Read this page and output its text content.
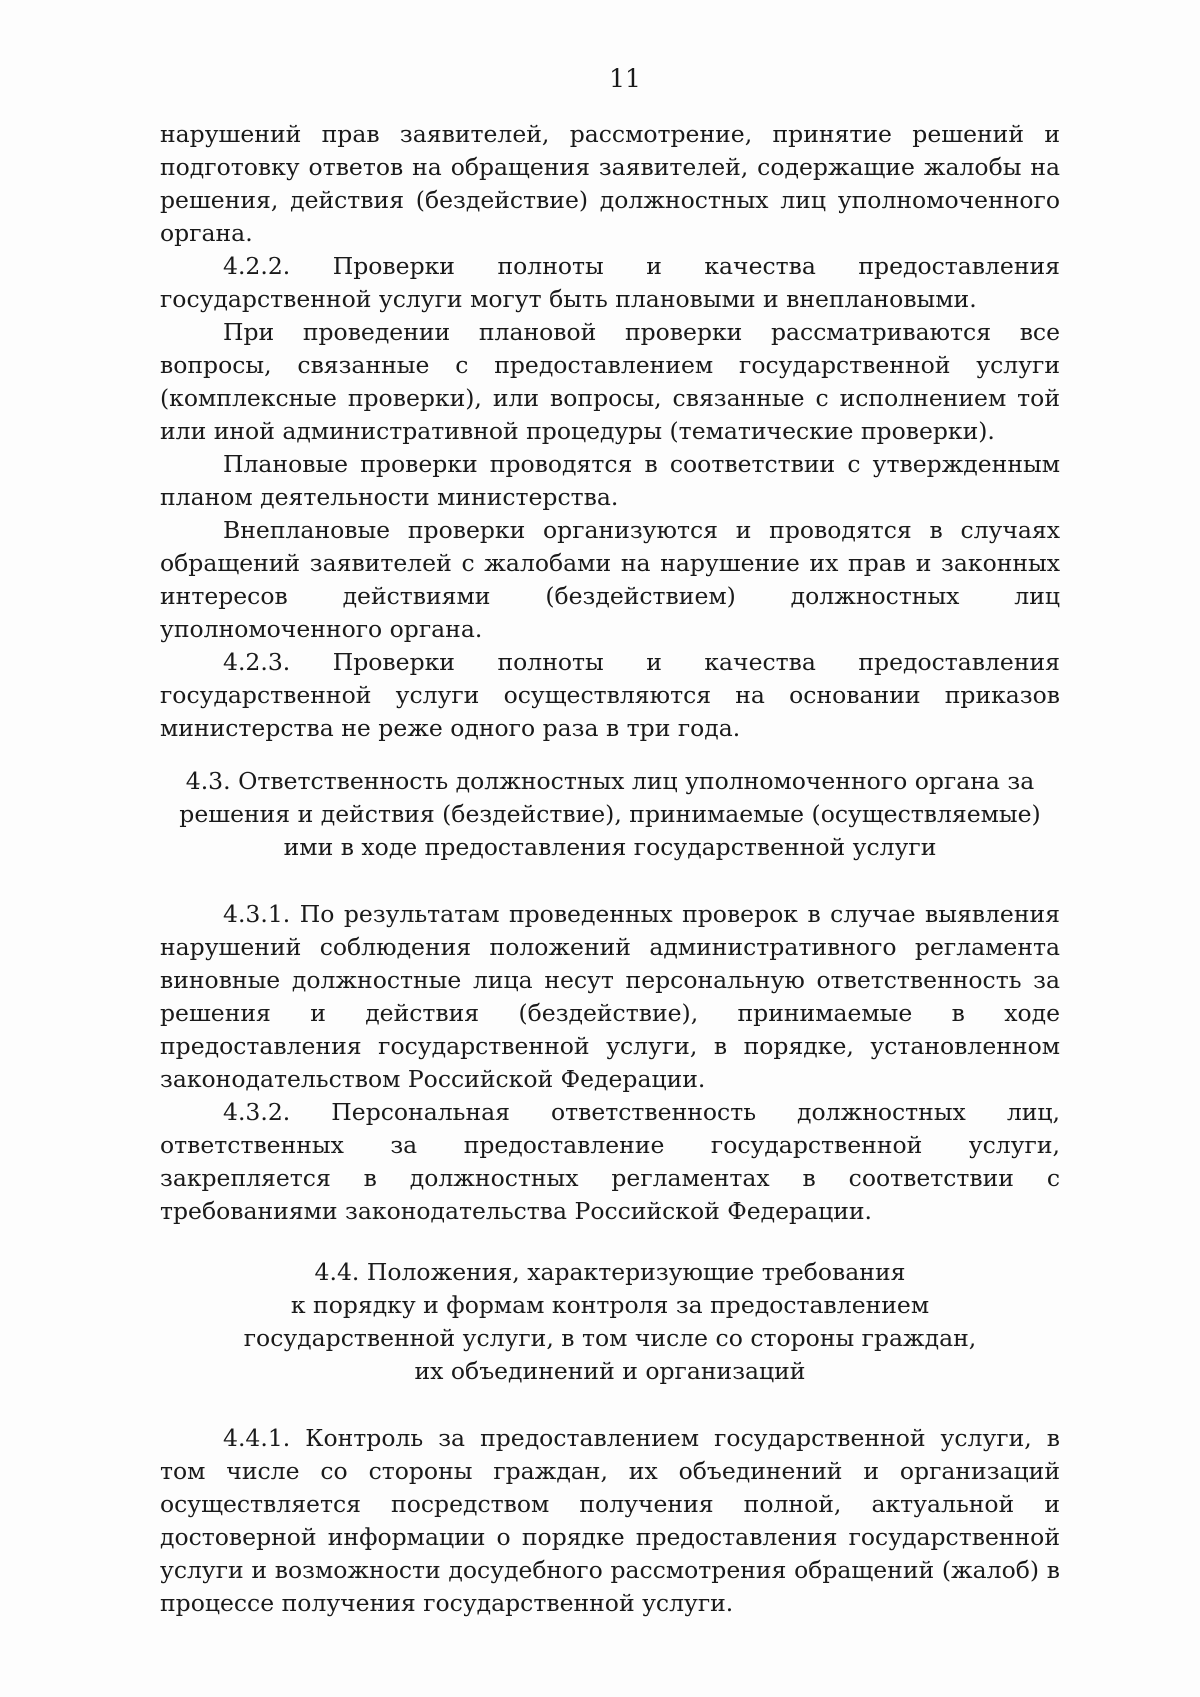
11

нарушений прав заявителей, рассмотрение, принятие решений и подготовку ответов на обращения заявителей, содержащие жалобы на решения, действия (бездействие) должностных лиц уполномоченного органа.

4.2.2. Проверки полноты и качества предоставления государственной услуги могут быть плановыми и внеплановыми.

При проведении плановой проверки рассматриваются все вопросы, связанные с предоставлением государственной услуги (комплексные проверки), или вопросы, связанные с исполнением той или иной административной процедуры (тематические проверки).

Плановые проверки проводятся в соответствии с утвержденным планом деятельности министерства.

Внеплановые проверки организуются и проводятся в случаях обращений заявителей с жалобами на нарушение их прав и законных интересов действиями (бездействием) должностных лиц уполномоченного органа.

4.2.3. Проверки полноты и качества предоставления государственной услуги осуществляются на основании приказов министерства не реже одного раза в три года.

4.3. Ответственность должностных лиц уполномоченного органа за решения и действия (бездействие), принимаемые (осуществляемые) ими в ходе предоставления государственной услуги

4.3.1. По результатам проведенных проверок в случае выявления нарушений соблюдения положений административного регламента виновные должностные лица несут персональную ответственность за решения и действия (бездействие), принимаемые в ходе предоставления государственной услуги, в порядке, установленном законодательством Российской Федерации.

4.3.2. Персональная ответственность должностных лиц, ответственных за предоставление государственной услуги, закрепляется в должностных регламентах в соответствии с требованиями законодательства Российской Федерации.

4.4. Положения, характеризующие требования

к порядку и формам контроля за предоставлением

государственной услуги, в том числе со стороны граждан,

их объединений и организаций

4.4.1. Контроль за предоставлением государственной услуги, в том числе со стороны граждан, их объединений и организаций осуществляется посредством получения полной, актуальной и достоверной информации о порядке предоставления государственной услуги и возможности досудебного рассмотрения обращений (жалоб) в процессе получения государственной услуги.
